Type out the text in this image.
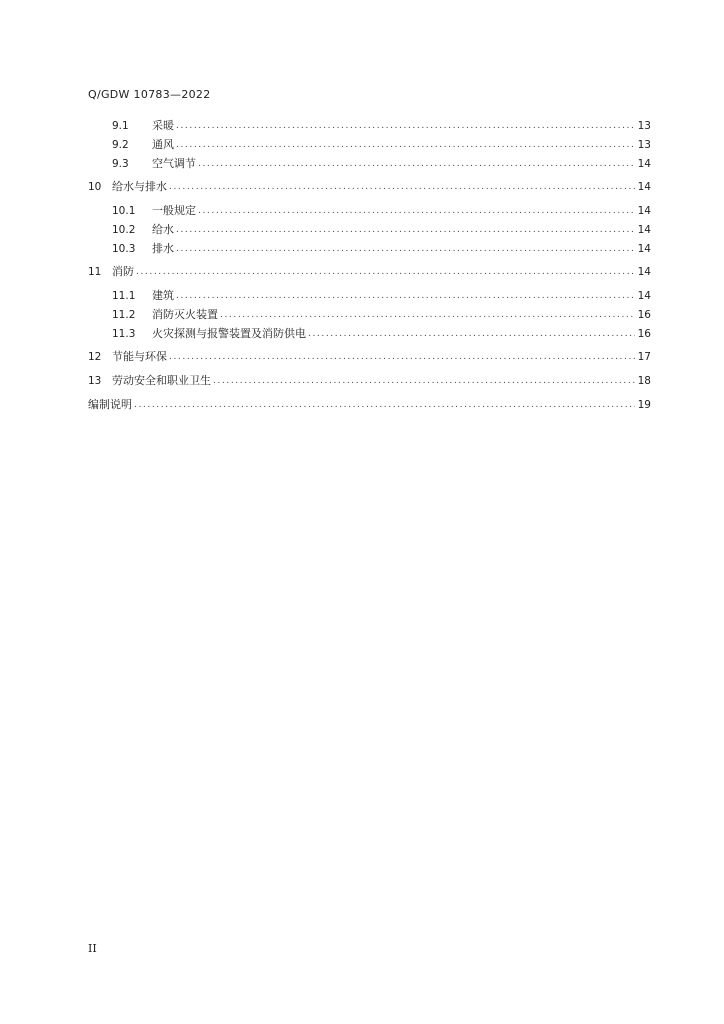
Q/GDW 10783—2022
9.1	采暖 .....	13
9.2	通风 .....	13
9.3	空气调节 .....	14
10 给水与排水 .....	14
10.1	一般规定 .....	14
10.2	给水 .....	14
10.3	排水 .....	14
11 消防 .....	14
11.1	建筑 .....	14
11.2	消防灭火装置 .....	16
11.3	火灾探测与报警装置及消防供电 .....	16
12 节能与环保 .....	17
13 劳动安全和职业卫生 .....	18
编制说明 .....	19
II
